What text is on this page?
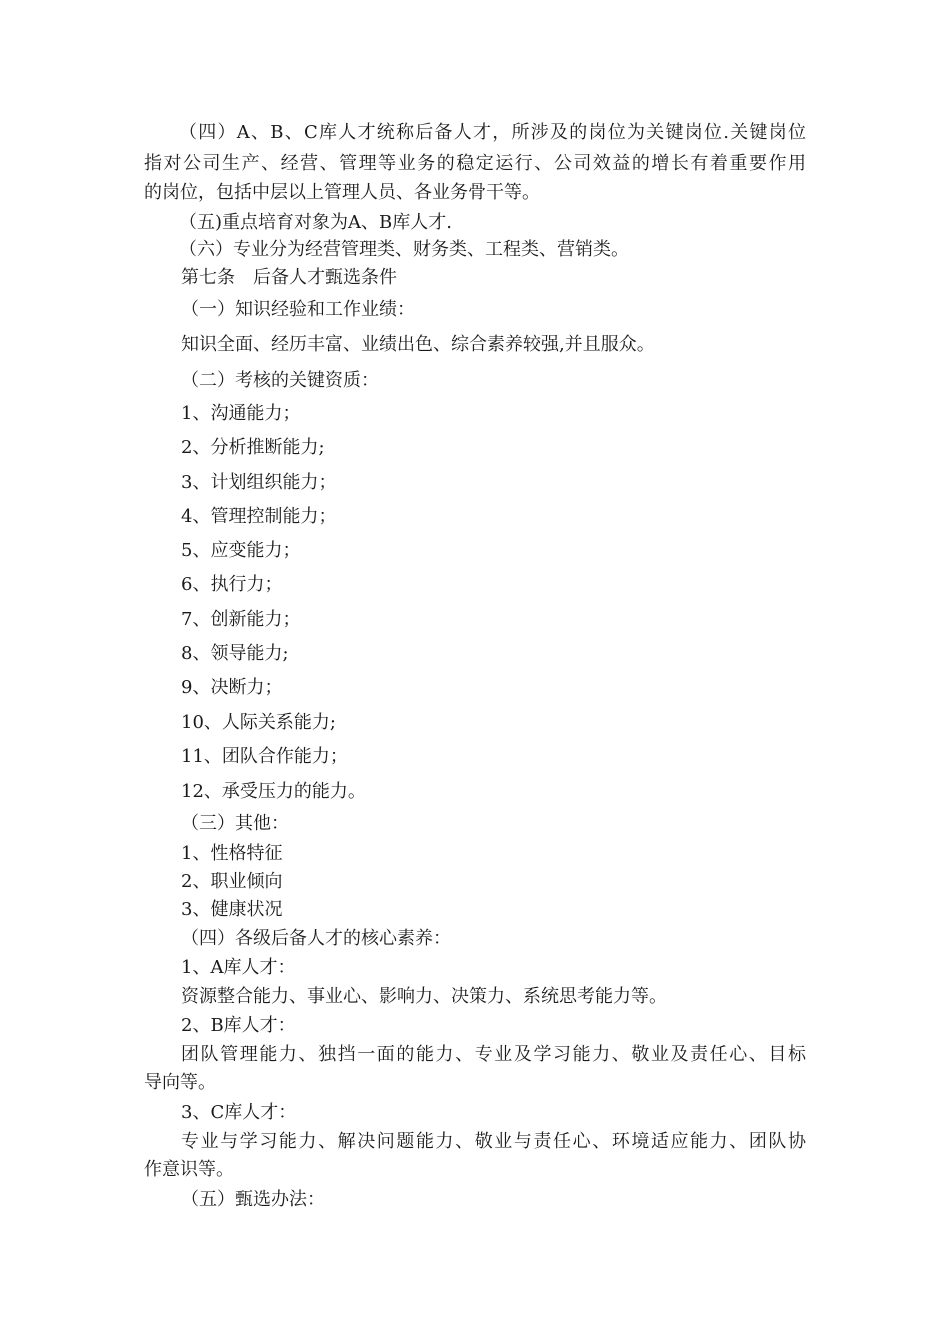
（四）A、B、C库人才统称后备人才，所涉及的岗位为关键岗位.关键岗位
指对公司生产、经营、管理等业务的稳定运行、公司效益的增长有着重要作用
的岗位，包括中层以上管理人员、各业务骨干等。
（五)重点培育对象为A、B库人才.
（六）专业分为经营管理类、财务类、工程类、营销类。
第七条　后备人才甄选条件
（一）知识经验和工作业绩：
知识全面、经历丰富、业绩出色、综合素养较强,并且服众。
（二）考核的关键资质：
1、沟通能力；
2、分析推断能力;
3、计划组织能力；
4、管理控制能力；
5、应变能力；
6、执行力；
7、创新能力；
8、领导能力;
9、决断力；
10、人际关系能力;
11、团队合作能力；
12、承受压力的能力。
（三）其他：
1、性格特征
2、职业倾向
3、健康状况
（四）各级后备人才的核心素养：
1、A库人才：
资源整合能力、事业心、影响力、决策力、系统思考能力等。
2、B库人才：
团队管理能力、独挡一面的能力、专业及学习能力、敬业及责任心、目标
导向等。
3、C库人才：
专业与学习能力、解决问题能力、敬业与责任心、环境适应能力、团队协
作意识等。
（五）甄选办法：
